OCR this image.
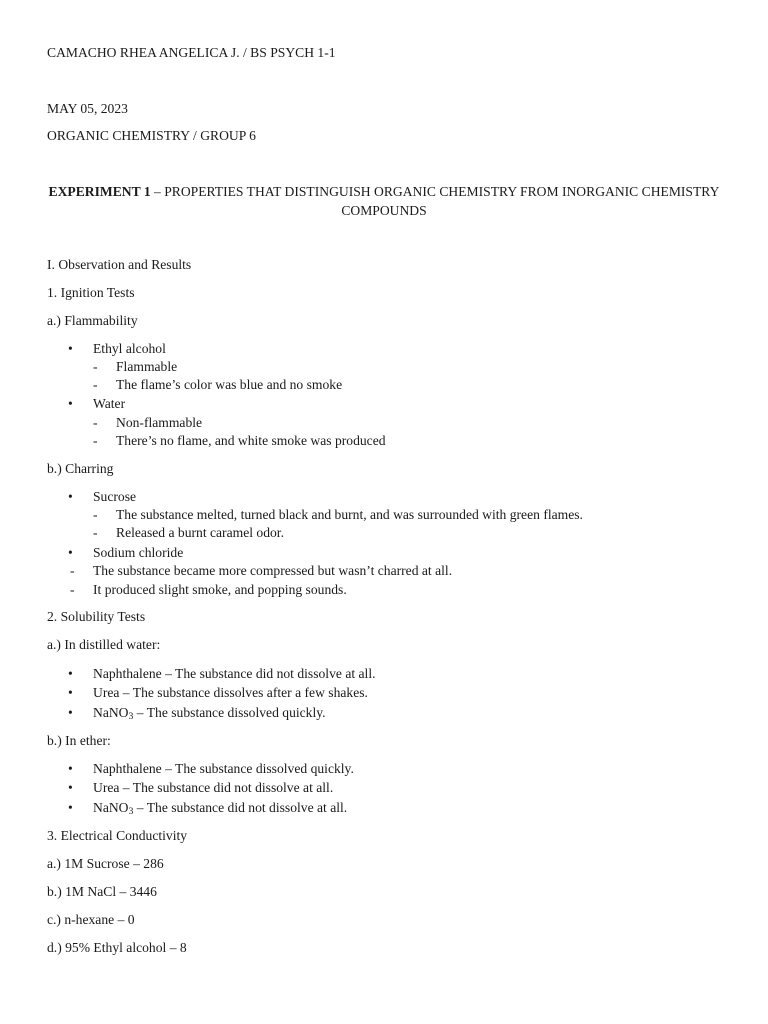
CAMACHO RHEA ANGELICA J. / BS PSYCH 1-1
MAY 05, 2023
ORGANIC CHEMISTRY / GROUP 6
EXPERIMENT 1 – PROPERTIES THAT DISTINGUISH ORGANIC CHEMISTRY FROM INORGANIC CHEMISTRY COMPOUNDS
I. Observation and Results
1. Ignition Tests
a.) Flammability
• Ethyl alcohol
- Flammable
- The flame’s color was blue and no smoke
• Water
- Non-flammable
- There’s no flame, and white smoke was produced
b.) Charring
• Sucrose
- The substance melted, turned black and burnt, and was surrounded with green flames.
- Released a burnt caramel odor.
• Sodium chloride
- The substance became more compressed but wasn’t charred at all.
- It produced slight smoke, and popping sounds.
2. Solubility Tests
a.) In distilled water:
• Naphthalene – The substance did not dissolve at all.
• Urea – The substance dissolves after a few shakes.
• NaNO$_3$ – The substance dissolved quickly.
b.) In ether:
• Naphthalene – The substance dissolved quickly.
• Urea – The substance did not dissolve at all.
• NaNO$_3$ – The substance did not dissolve at all.
3. Electrical Conductivity
a.) 1M Sucrose – 286
b.) 1M NaCl – 3446
c.) n-hexane – 0
d.) 95% Ethyl alcohol – 8
